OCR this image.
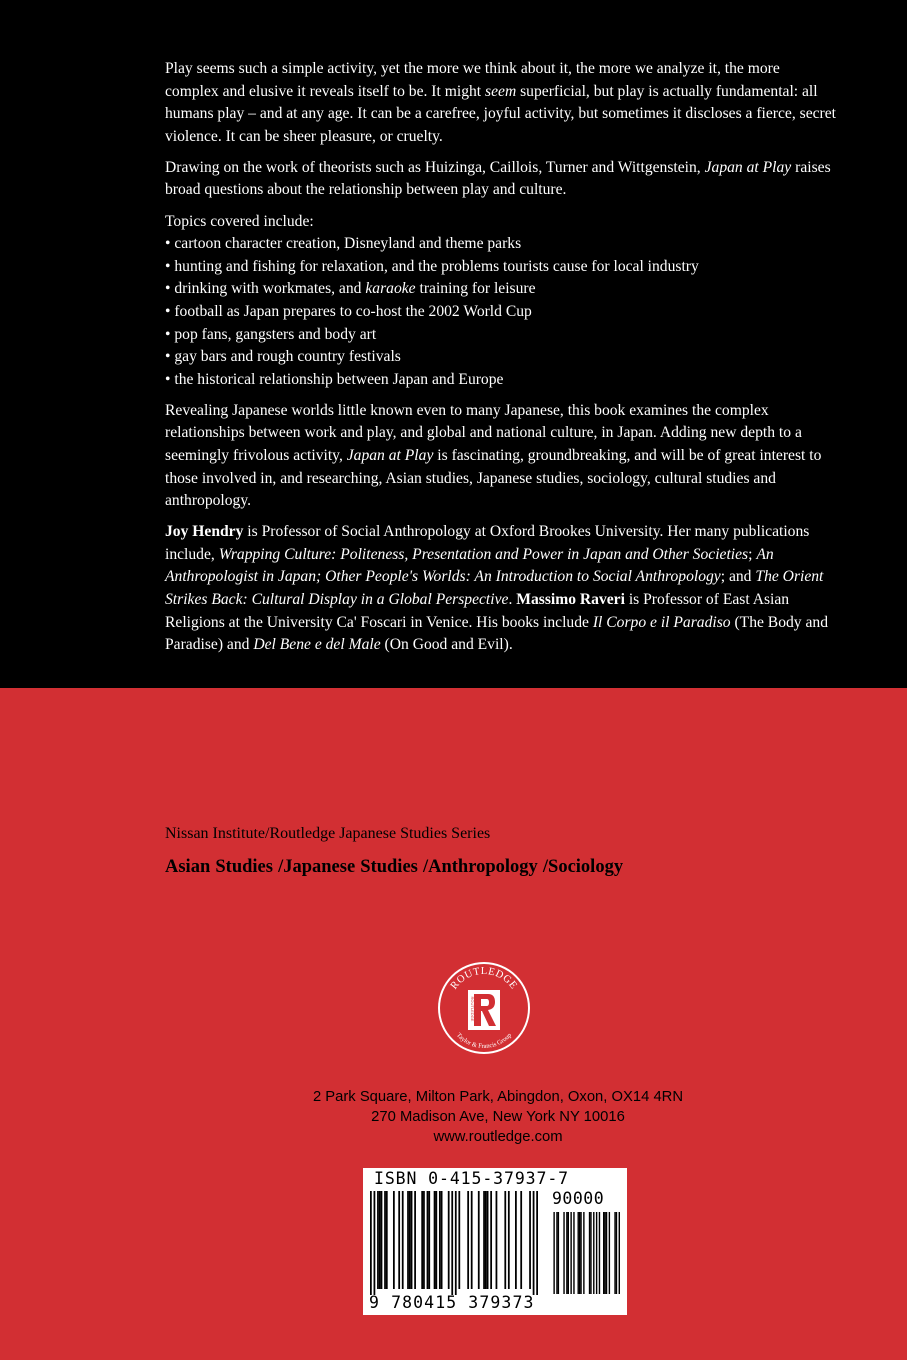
Play seems such a simple activity, yet the more we think about it, the more we analyze it, the more complex and elusive it reveals itself to be. It might seem superficial, but play is actually fundamental: all humans play – and at any age. It can be a carefree, joyful activity, but sometimes it discloses a fierce, secret violence. It can be sheer pleasure, or cruelty.

Drawing on the work of theorists such as Huizinga, Caillois, Turner and Wittgenstein, Japan at Play raises broad questions about the relationship between play and culture.

Topics covered include:
• cartoon character creation, Disneyland and theme parks
• hunting and fishing for relaxation, and the problems tourists cause for local industry
• drinking with workmates, and karaoke training for leisure
• football as Japan prepares to co-host the 2002 World Cup
• pop fans, gangsters and body art
• gay bars and rough country festivals
• the historical relationship between Japan and Europe

Revealing Japanese worlds little known even to many Japanese, this book examines the complex relationships between work and play, and global and national culture, in Japan. Adding new depth to a seemingly frivolous activity, Japan at Play is fascinating, groundbreaking, and will be of great interest to those involved in, and researching, Asian studies, Japanese studies, sociology, cultural studies and anthropology.

Joy Hendry is Professor of Social Anthropology at Oxford Brookes University. Her many publications include, Wrapping Culture: Politeness, Presentation and Power in Japan and Other Societies; An Anthropologist in Japan; Other People's Worlds: An Introduction to Social Anthropology; and The Orient Strikes Back: Cultural Display in a Global Perspective. Massimo Raveri is Professor of East Asian Religions at the University Ca' Foscari in Venice. His books include Il Corpo e il Paradiso (The Body and Paradise) and Del Bene e del Male (On Good and Evil).

Nissan Institute/Routledge Japanese Studies Series
Asian Studies /Japanese Studies /Anthropology /Sociology
ROUTLEDGE
Taylor & Francis Group
ROUTLEDGE
2 Park Square, Milton Park, Abingdon, Oxon, OX14 4RN
270 Madison Ave, New York NY 10016
www.routledge.com
ISBN 0-415-37937-7
90000
9 780415 379373
